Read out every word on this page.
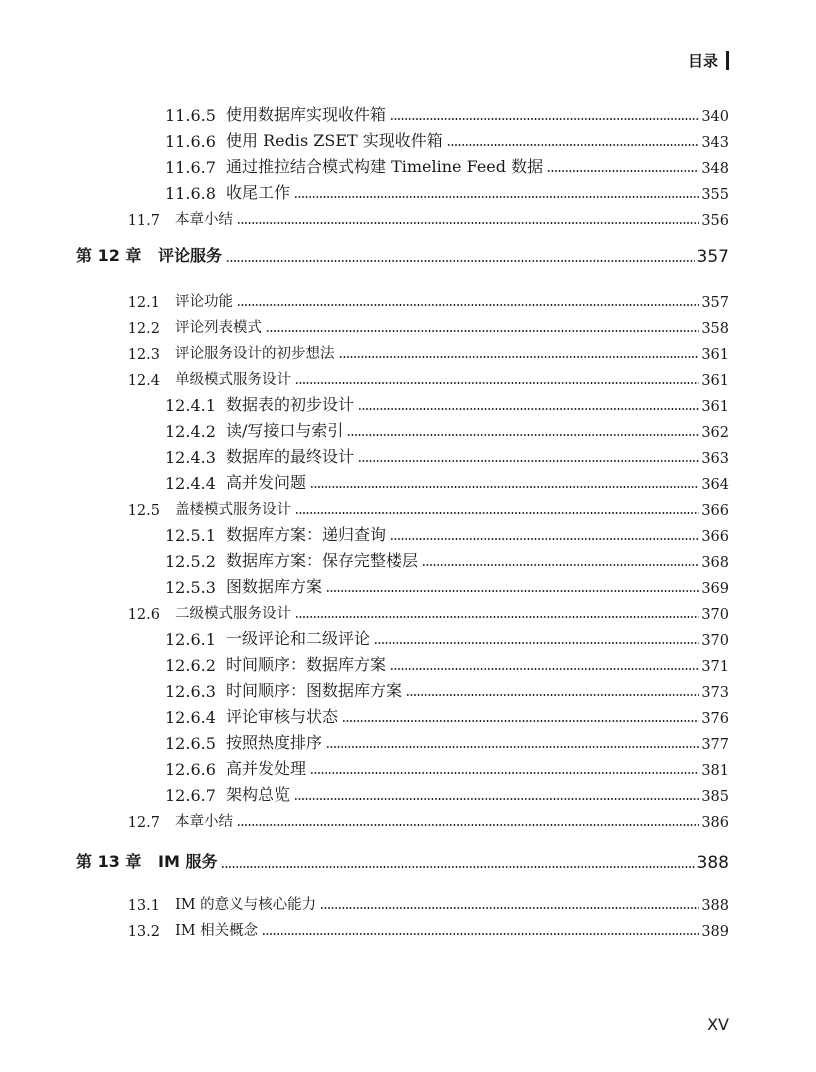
目录
11.6.5 使用数据库实现收件箱	340
11.6.6 使用 Redis ZSET 实现收件箱	343
11.6.7 通过推拉结合模式构建 Timeline Feed 数据	348
11.6.8 收尾工作	355
11.7 本章小结	356
第 12 章 评论服务	357
12.1 评论功能	357
12.2 评论列表模式	358
12.3 评论服务设计的初步想法	361
12.4 单级模式服务设计	361
12.4.1 数据表的初步设计	361
12.4.2 读/写接口与索引	362
12.4.3 数据库的最终设计	363
12.4.4 高并发问题	364
12.5 盖楼模式服务设计	366
12.5.1 数据库方案：递归查询	366
12.5.2 数据库方案：保存完整楼层	368
12.5.3 图数据库方案	369
12.6 二级模式服务设计	370
12.6.1 一级评论和二级评论	370
12.6.2 时间顺序：数据库方案	371
12.6.3 时间顺序：图数据库方案	373
12.6.4 评论审核与状态	376
12.6.5 按照热度排序	377
12.6.6 高并发处理	381
12.6.7 架构总览	385
12.7 本章小结	386
第 13 章 IM 服务	388
13.1 IM 的意义与核心能力	388
13.2 IM 相关概念	389
XV
